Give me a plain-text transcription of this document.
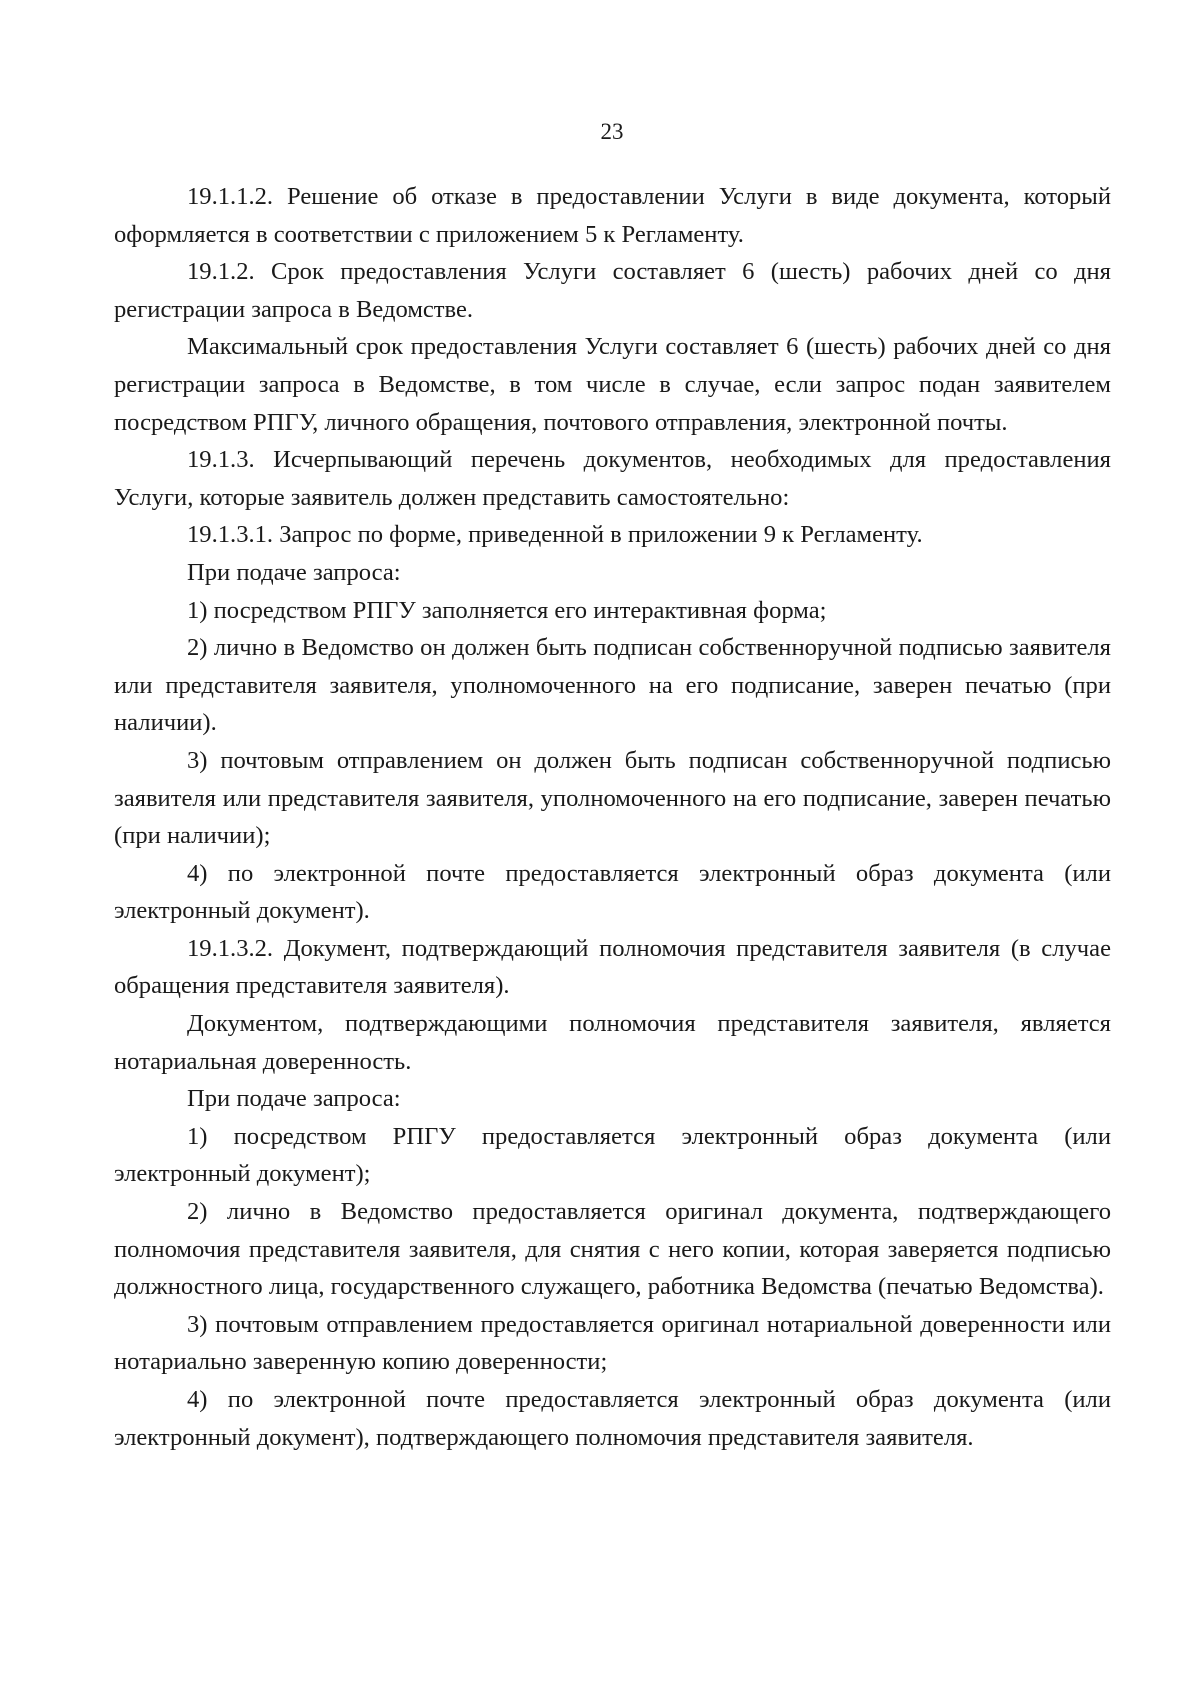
23

19.1.1.2. Решение об отказе в предоставлении Услуги в виде документа, который оформляется в соответствии с приложением 5 к Регламенту.

19.1.2. Срок предоставления Услуги составляет 6 (шесть) рабочих дней со дня регистрации запроса в Ведомстве.

Максимальный срок предоставления Услуги составляет 6 (шесть) рабочих дней со дня регистрации запроса в Ведомстве, в том числе в случае, если запрос подан заявителем посредством РПГУ, личного обращения, почтового отправления, электронной почты.

19.1.3. Исчерпывающий перечень документов, необходимых для предоставления Услуги, которые заявитель должен представить самостоятельно:

19.1.3.1. Запрос по форме, приведенной в приложении 9 к Регламенту.

При подаче запроса:

1) посредством РПГУ заполняется его интерактивная форма;

2) лично в Ведомство он должен быть подписан собственноручной подписью заявителя или представителя заявителя, уполномоченного на его подписание, заверен печатью (при наличии).

3) почтовым отправлением он должен быть подписан собственноручной подписью заявителя или представителя заявителя, уполномоченного на его подписание, заверен печатью (при наличии);

4) по электронной почте предоставляется электронный образ документа (или электронный документ).

19.1.3.2. Документ, подтверждающий полномочия представителя заявителя (в случае обращения представителя заявителя).

Документом, подтверждающими полномочия представителя заявителя, является нотариальная доверенность.

При подаче запроса:

1) посредством РПГУ предоставляется электронный образ документа (или электронный документ);

2) лично в Ведомство предоставляется оригинал документа, подтверждающего полномочия представителя заявителя, для снятия с него копии, которая заверяется подписью должностного лица, государственного служащего, работника Ведомства (печатью Ведомства).

3) почтовым отправлением предоставляется оригинал нотариальной доверенности или нотариально заверенную копию доверенности;

4) по электронной почте предоставляется электронный образ документа (или электронный документ), подтверждающего полномочия представителя заявителя.
